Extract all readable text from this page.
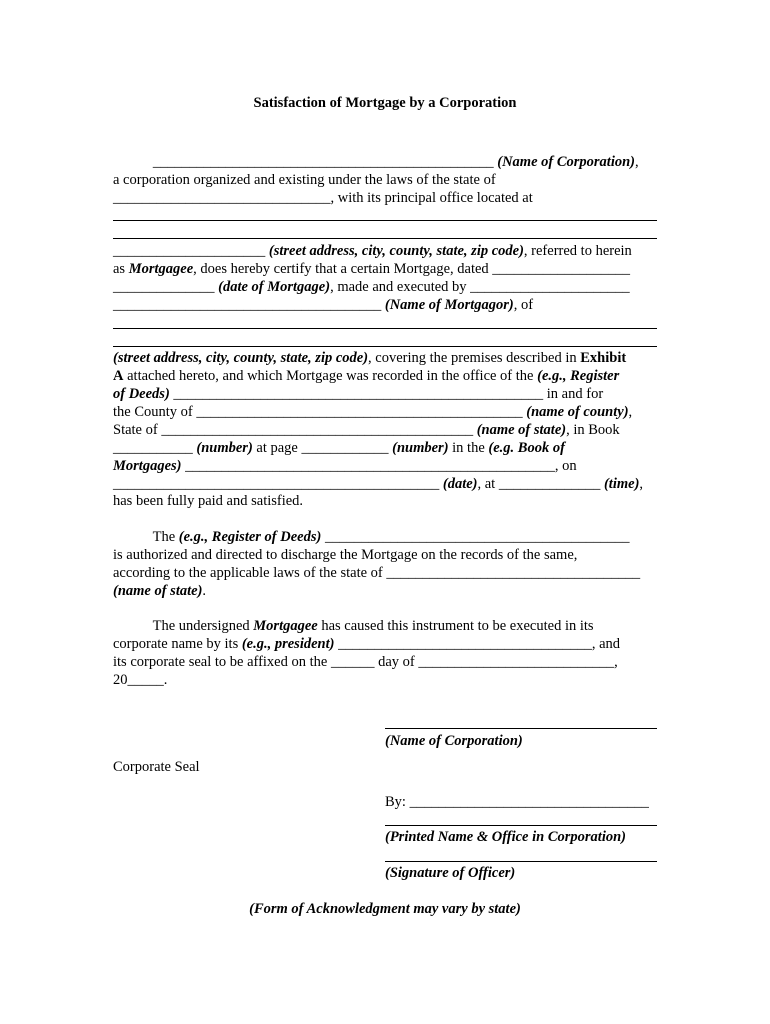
Satisfaction of Mortgage by a Corporation
_______________________________________________ (Name of Corporation),
a corporation organized and existing under the laws of the state of
______________________________, with its principal office located at
_____________________ (street address, city, county, state, zip code), referred to herein
as Mortgagee, does hereby certify that a certain Mortgage, dated ___________________
______________ (date of Mortgage), made and executed by ______________________
_____________________________________ (Name of Mortgagor), of
(street address, city, county, state, zip code), covering the premises described in Exhibit
A attached hereto, and which Mortgage was recorded in the office of the (e.g., Register
of Deeds) ___________________________________________________ in and for
the County of _____________________________________________ (name of county),
State of ___________________________________________ (name of state), in Book
___________ (number) at page ____________ (number) in the (e.g. Book of
Mortgages) ___________________________________________________, on
_____________________________________________ (date), at ______________ (time),
has been fully paid and satisfied.
The (e.g., Register of Deeds) __________________________________________
is authorized and directed to discharge the Mortgage on the records of the same,
according to the applicable laws of the state of ___________________________________
(name of state).
The undersigned Mortgagee has caused this instrument to be executed in its
corporate name by its (e.g., president) ___________________________________, and
its corporate seal to be affixed on the ______ day of ___________________________,
20_____.
(Name of Corporation)
Corporate Seal
By: _________________________________
(Printed Name & Office in Corporation)
(Signature of Officer)
(Form of Acknowledgment may vary by state)
